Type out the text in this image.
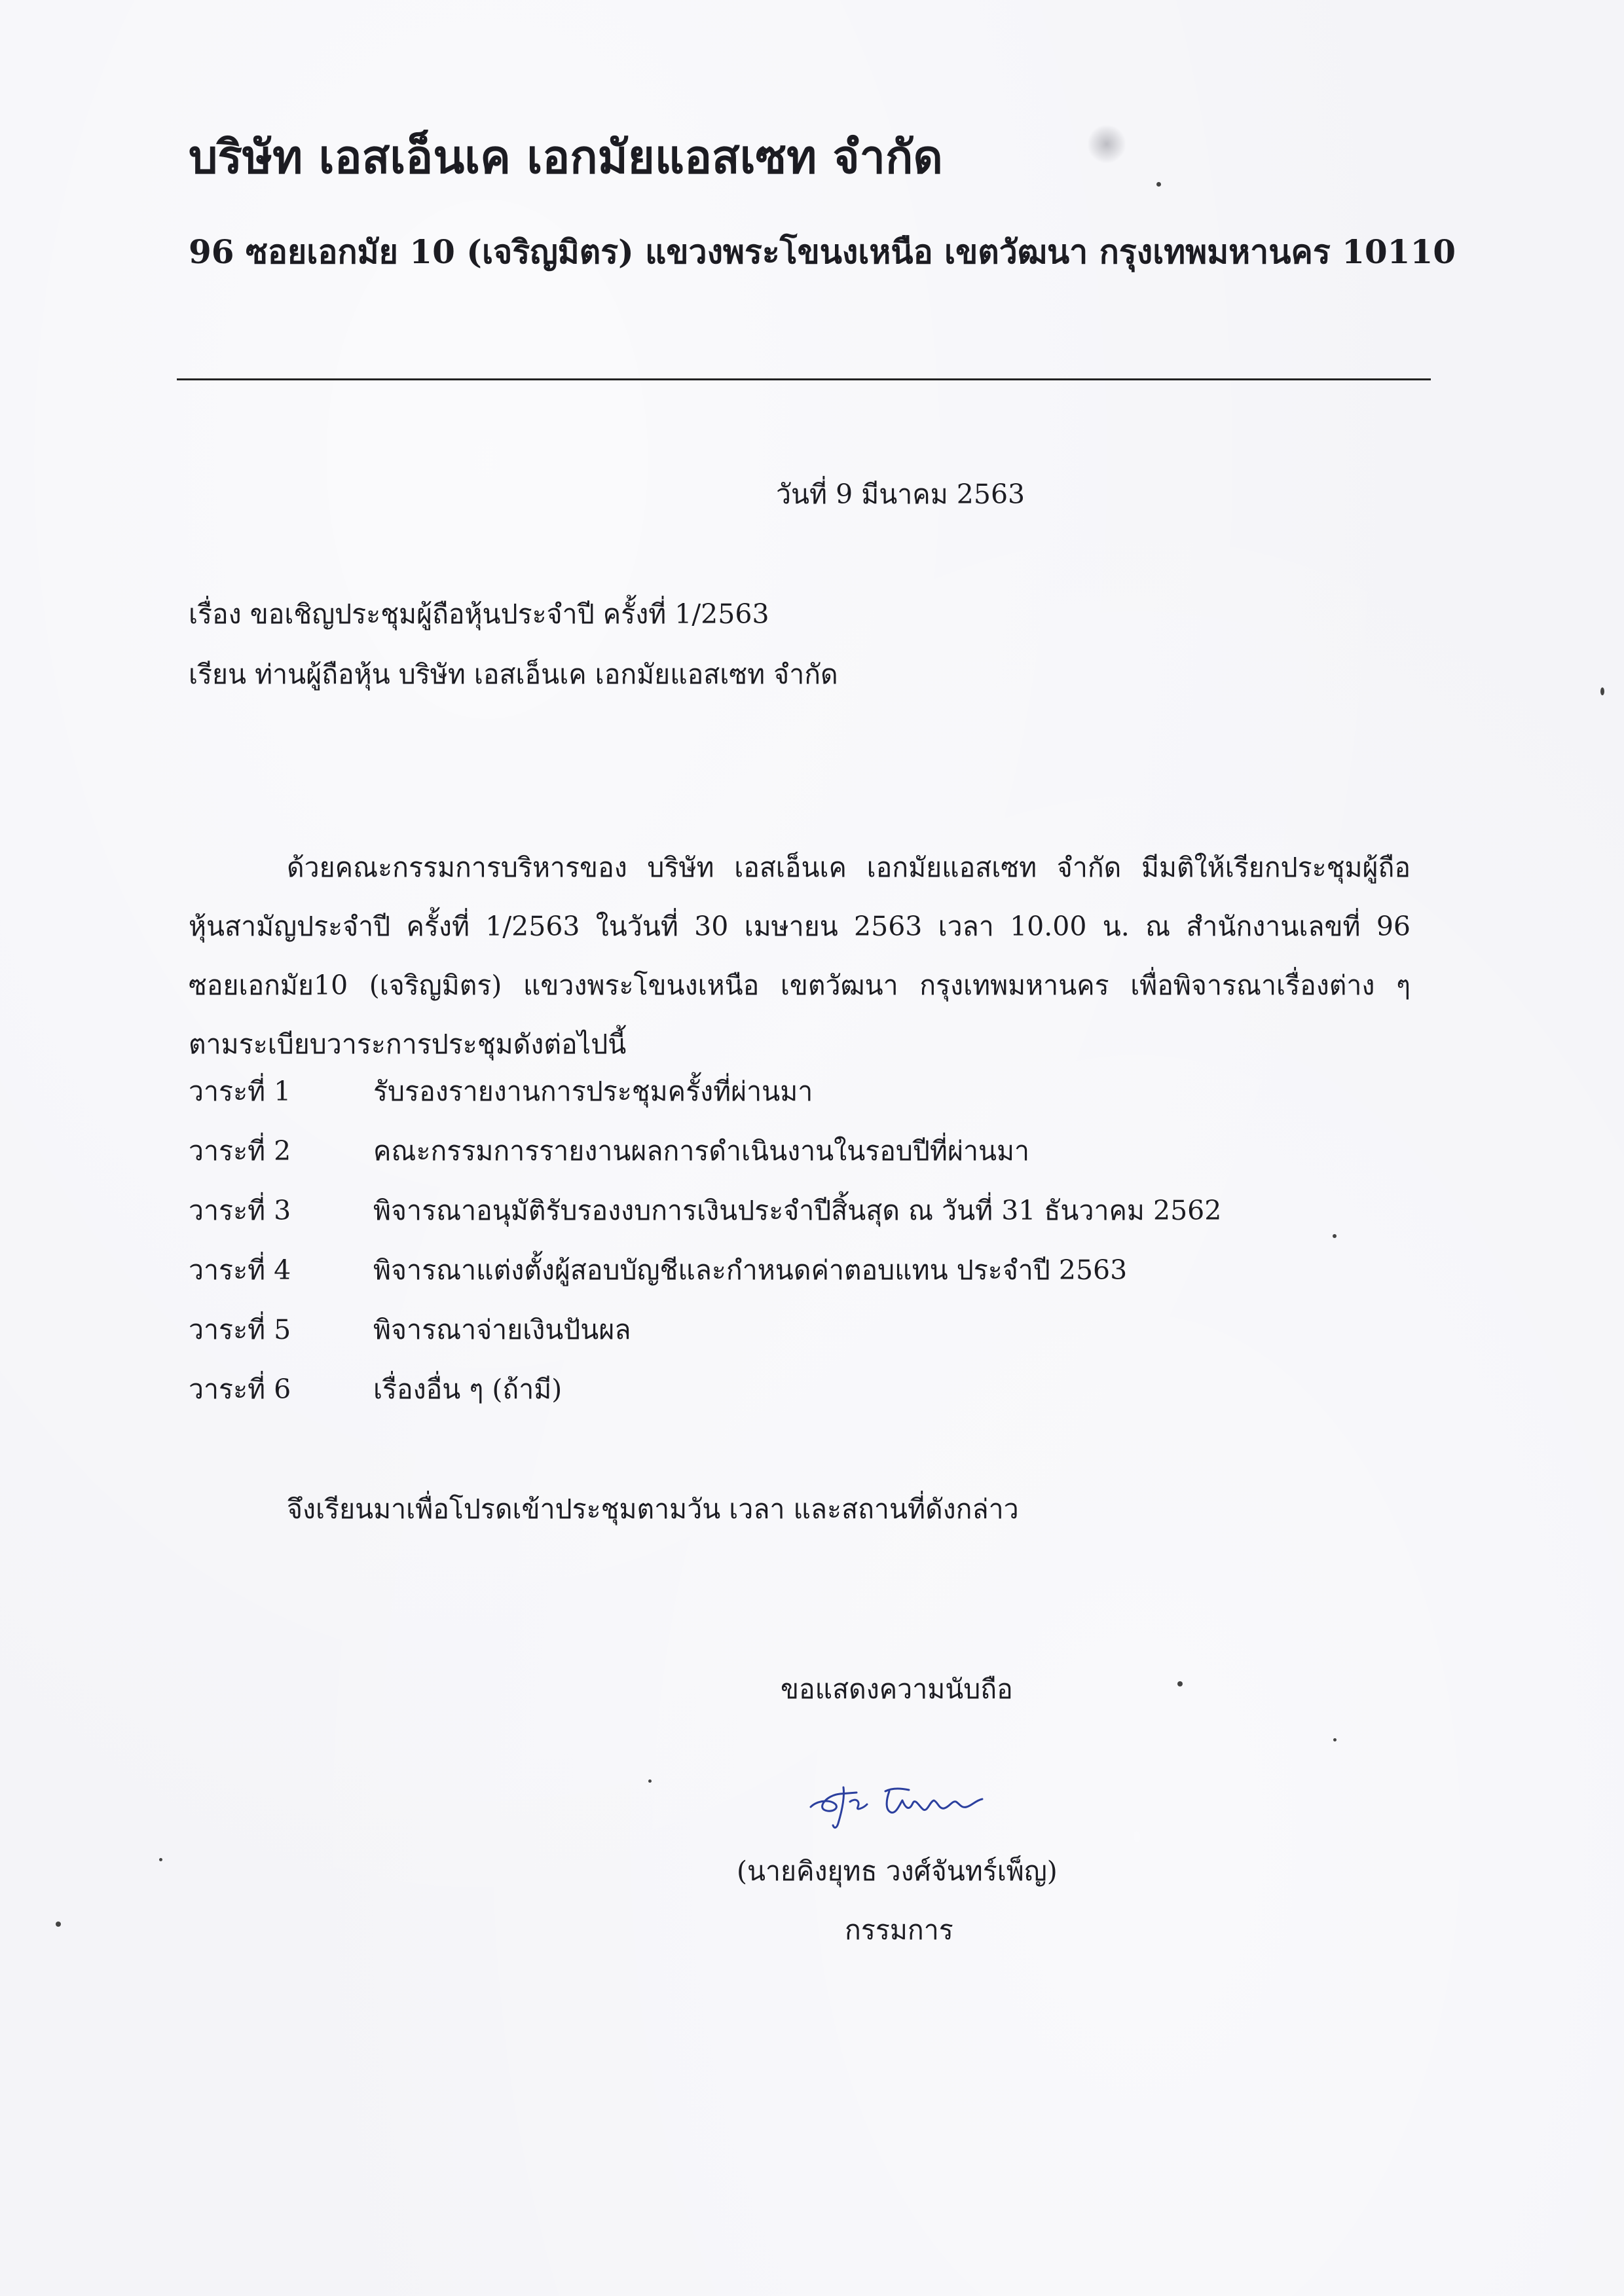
บริษัท เอสเอ็นเค เอกมัยแอสเซท จำกัด
96 ซอยเอกมัย 10 (เจริญมิตร) แขวงพระโขนงเหนือ เขตวัฒนา กรุงเทพมหานคร 10110
วันที่ 9 มีนาคม 2563
เรื่อง ขอเชิญประชุมผู้ถือหุ้นประจำปี ครั้งที่ 1/2563
เรียน ท่านผู้ถือหุ้น บริษัท เอสเอ็นเค เอกมัยแอสเซท จำกัด
ด้วยคณะกรรมการบริหารของ บริษัท เอสเอ็นเค เอกมัยแอสเซท จำกัด มีมติให้เรียกประชุมผู้ถือ
หุ้นสามัญประจำปี ครั้งที่ 1/2563 ในวันที่ 30 เมษายน 2563 เวลา 10.00 น. ณ สำนักงานเลขที่ 96
ซอยเอกมัย10 (เจริญมิตร) แขวงพระโขนงเหนือ เขตวัฒนา กรุงเทพมหานคร เพื่อพิจารณาเรื่องต่าง ๆ
ตามระเบียบวาระการประชุมดังต่อไปนี้
วาระที่ 1	รับรองรายงานการประชุมครั้งที่ผ่านมา
วาระที่ 2	คณะกรรมการรายงานผลการดำเนินงานในรอบปีที่ผ่านมา
วาระที่ 3	พิจารณาอนุมัติรับรองงบการเงินประจำปีสิ้นสุด ณ วันที่ 31 ธันวาคม 2562
วาระที่ 4	พิจารณาแต่งตั้งผู้สอบบัญชีและกำหนดค่าตอบแทน ประจำปี 2563
วาระที่ 5	พิจารณาจ่ายเงินปันผล
วาระที่ 6	เรื่องอื่น ๆ (ถ้ามี)
จึงเรียนมาเพื่อโปรดเข้าประชุมตามวัน เวลา และสถานที่ดังกล่าว
ขอแสดงความนับถือ
(นายคิงยุทธ วงศ์จันทร์เพ็ญ)
กรรมการ
